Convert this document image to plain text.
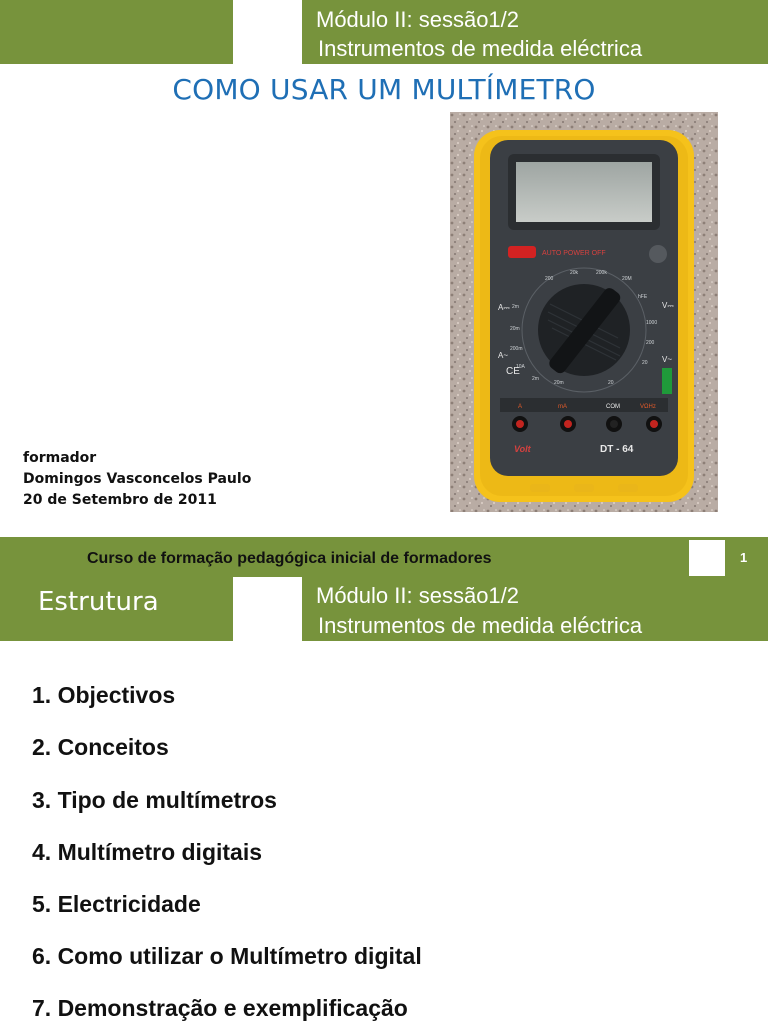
Módulo II: sessão1/2
Instrumentos de medida eléctrica
COMO USAR UM MULTÍMETRO
AUTO POWER OFF
200
20k	200k
20M
hFE
1000
200
20
2m
20m
200m
10A
2m
20m	20
A⎓
A~
V⎓
V~
CE
A	mA	COM	VΩHz
Volt	DT - 64
formador
Domingos Vasconcelos Paulo
20 de Setembro de 2011
Curso de formação pedagógica inicial de formadores	1
Estrutura	Módulo II: sessão1/2
Instrumentos de medida eléctrica
1. Objectivos
2. Conceitos
3. Tipo de multímetros
4. Multímetro digitais
5. Electricidade
6. Como utilizar o Multímetro digital
7. Demonstração e exemplificação
